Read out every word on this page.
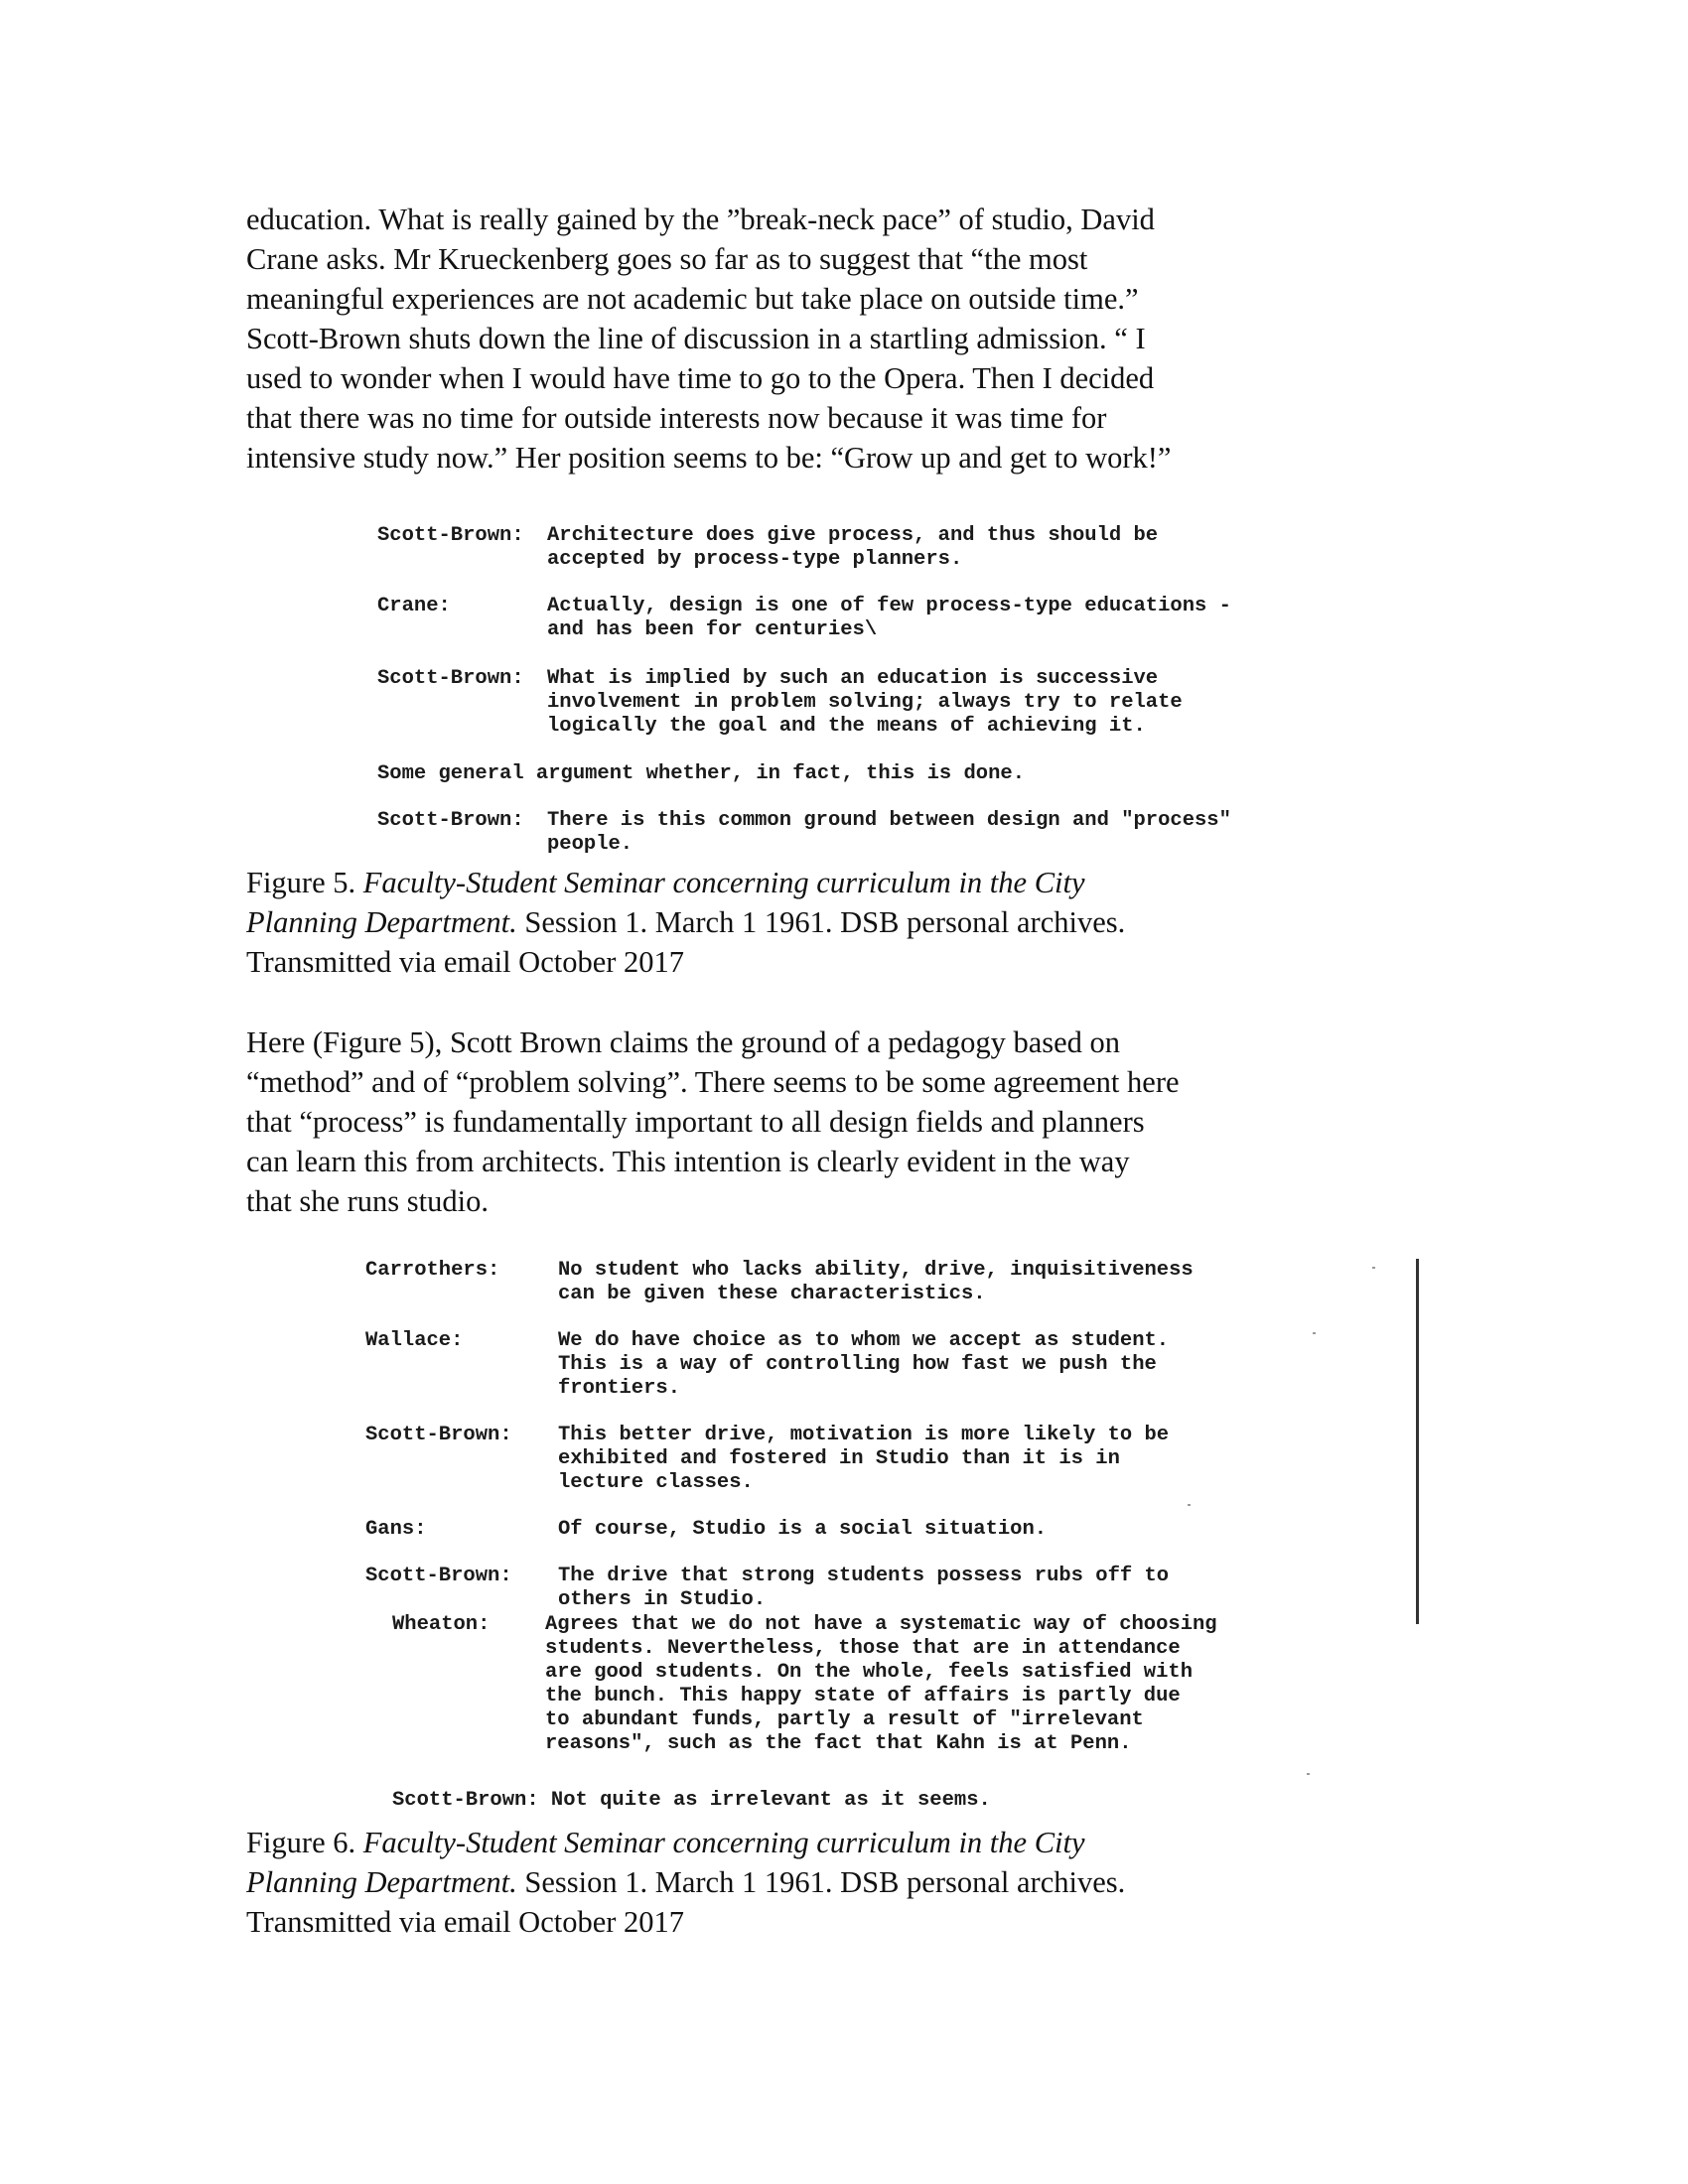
education. What is really gained by the ”break-neck pace” of studio, David
Crane asks. Mr Krueckenberg goes so far as to suggest that “the most
meaningful experiences are not academic but take place on outside time.”
Scott-Brown shuts down the line of discussion in a startling admission. “ I
used to wonder when I would have time to go to the Opera. Then I decided
that there was no time for outside interests now because it was time for
intensive study now.” Her position seems to be: “Grow up and get to work!”
Scott-Brown: Architecture does give process, and thus should be
accepted by process-type planners.
Crane:	Actually, design is one of few process-type educations -
and has been for centuries\
Scott-Brown: What is implied by such an education is successive
involvement in problem solving; always try to relate
logically the goal and the means of achieving it.
Some general argument whether, in fact, this is done.
Scott-Brown: There is this common ground between design and "process"
people.
Figure 5. Faculty-Student Seminar concerning curriculum in the City
Planning Department. Session 1. March 1 1961. DSB personal archives.
Transmitted via email October 2017
Here (Figure 5), Scott Brown claims the ground of a pedagogy based on
“method” and of “problem solving”. There seems to be some agreement here
that “process” is fundamentally important to all design fields and planners
can learn this from architects. This intention is clearly evident in the way
that she runs studio.
Carrothers:	No student who lacks ability, drive, inquisitiveness
can be given these characteristics.
Wallace:	We do have choice as to whom we accept as student.
This is a way of controlling how fast we push the
frontiers.
Scott-Brown: This better drive, motivation is more likely to be
exhibited and fostered in Studio than it is in
lecture classes.
Gans:	Of course, Studio is a social situation.
Scott-Brown: The drive that strong students possess rubs off to
others in Studio.
Wheaton:	Agrees that we do not have a systematic way of choosing
students. Nevertheless, those that are in attendance
are good students. On the whole, feels satisfied with
the bunch. This happy state of affairs is partly due
to abundant funds, partly a result of "irrelevant
reasons", such as the fact that Kahn is at Penn.
Scott-Brown: Not quite as irrelevant as it seems.
Figure 6. Faculty-Student Seminar concerning curriculum in the City
Planning Department. Session 1. March 1 1961. DSB personal archives.
Transmitted via email October 2017
